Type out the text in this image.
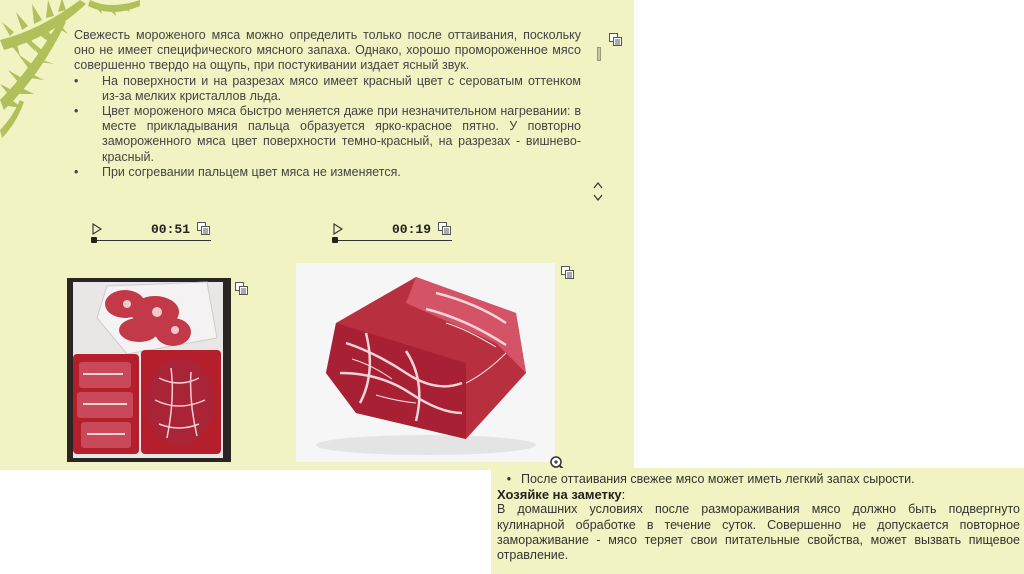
Свежесть мороженого мяса можно определить только после оттаивания, поскольку оно не имеет специфического мясного запаха. Однако, хорошо промороженное мясо совершенно твердо на ощупь, при постукивании издает ясный звук.

•	На поверхности и на разрезах мясо имеет красный цвет с сероватым оттенком из-за мелких кристаллов льда.
•	Цвет мороженого мяса быстро меняется даже при незначительном нагревании: в месте прикладывания пальца образуется ярко-красное пятно. У повторно замороженного мяса цвет поверхности темно-красный, на разрезах - вишнево-красный.
•	При согревании пальцем цвет мяса не изменяется.
00:51	00:19
• После оттаивания свежее мясо может иметь легкий запах сырости.
Хозяйке на заметку:

В домашних условиях после размораживания мясо должно быть подвергнуто кулинарной обработке в течение суток. Совершенно не допускается повторное замораживание - мясо теряет свои питательные свойства, может вызвать пищевое отравление.
